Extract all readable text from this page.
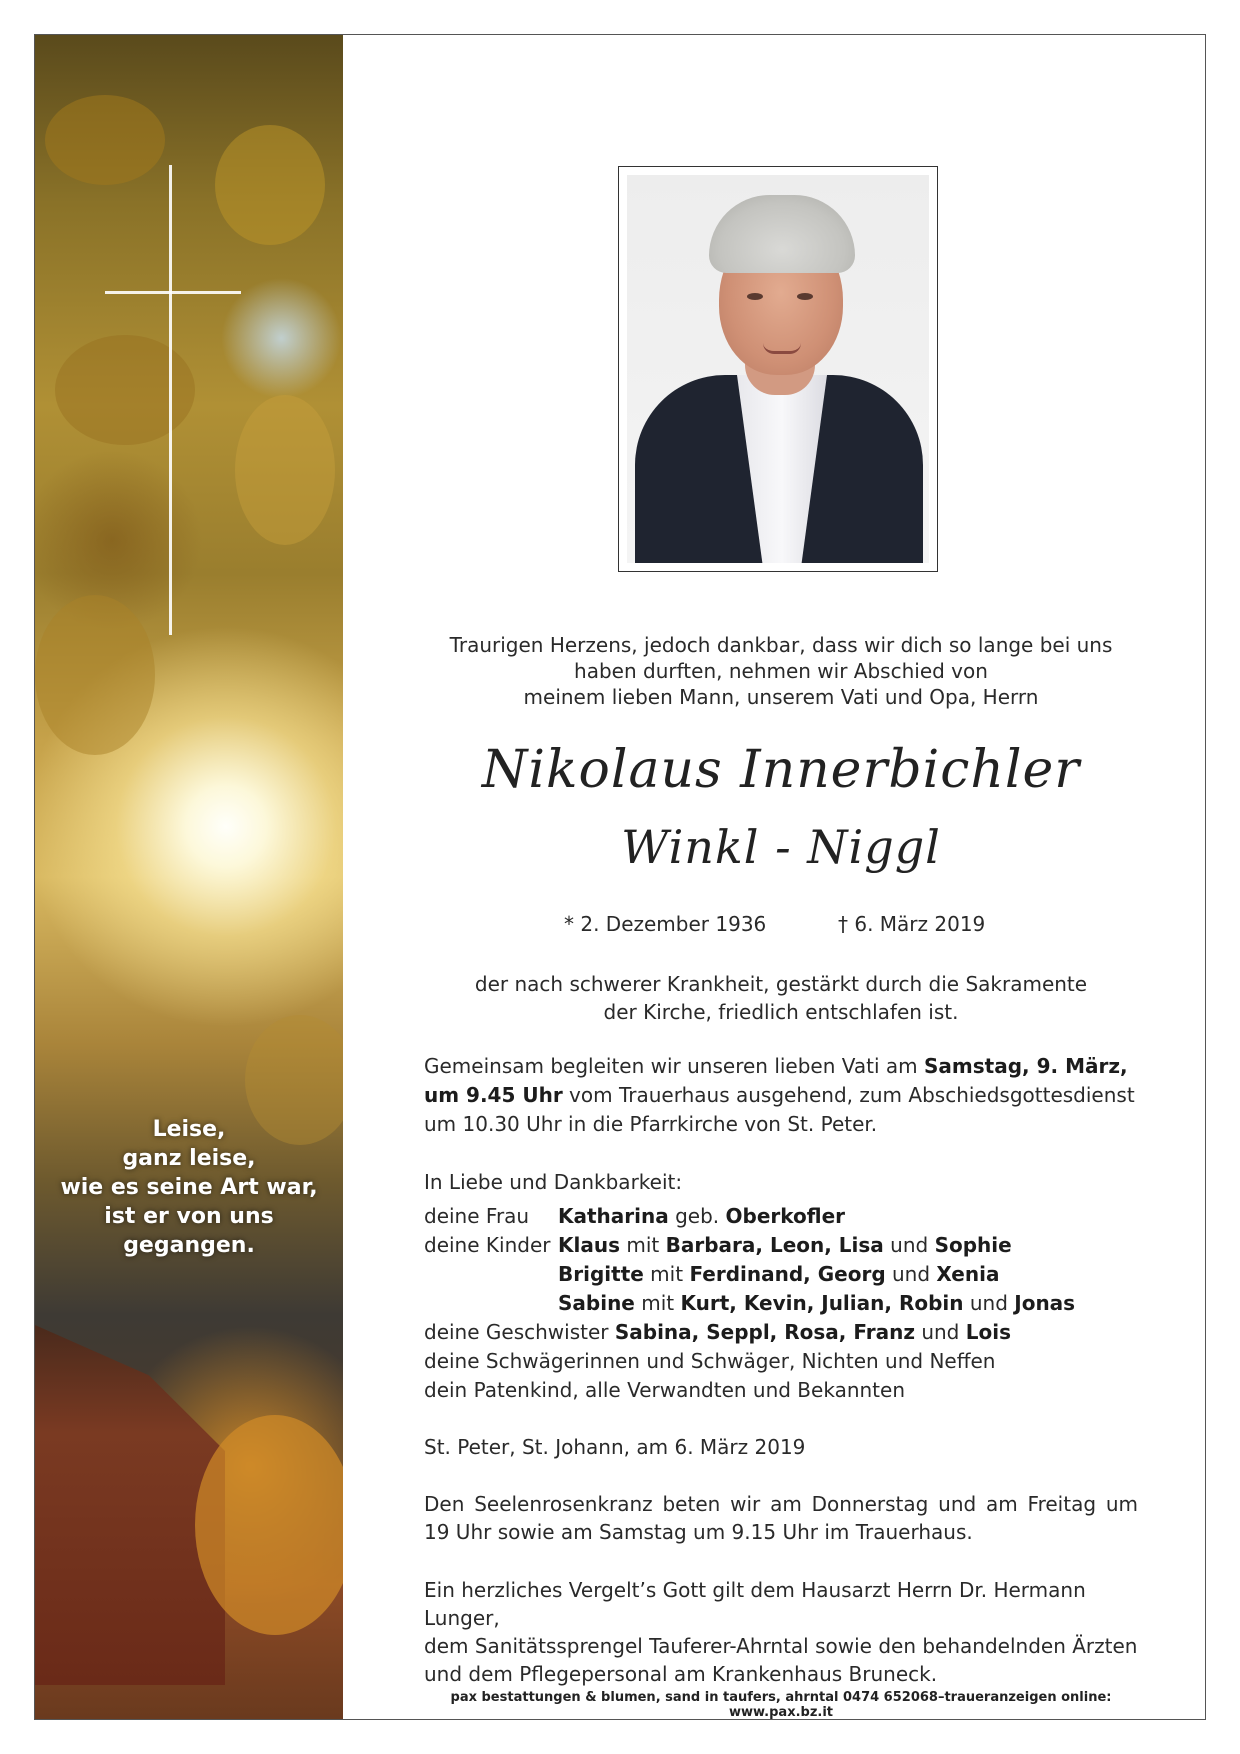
Leise,
ganz leise,
wie es seine Art war,
ist er von uns
gegangen.
Traurigen Herzens, jedoch dankbar, dass wir dich so lange bei uns
haben durften, nehmen wir Abschied von
meinem lieben Mann, unserem Vati und Opa, Herrn
Nikolaus Innerbichler
Winkl - Niggl
* 2. Dezember 1936	† 6. März 2019
der nach schwerer Krankheit, gestärkt durch die Sakramente
der Kirche, friedlich entschlafen ist.
Gemeinsam begleiten wir unseren lieben Vati am Samstag, 9. März,
um 9.45 Uhr vom Trauerhaus ausgehend, zum Abschiedsgottesdienst
um 10.30 Uhr in die Pfarrkirche von St. Peter.
In Liebe und Dankbarkeit:
deine Frau Katharina geb. Oberkofler
deine Kinder Klaus mit Barbara, Leon, Lisa und Sophie
Brigitte mit Ferdinand, Georg und Xenia
Sabine mit Kurt, Kevin, Julian, Robin und Jonas
deine Geschwister Sabina, Seppl, Rosa, Franz und Lois
deine Schwägerinnen und Schwäger, Nichten und Neffen
dein Patenkind, alle Verwandten und Bekannten
St. Peter, St. Johann, am 6. März 2019
Den Seelenrosenkranz beten wir am Donnerstag und am Freitag um
19 Uhr sowie am Samstag um 9.15 Uhr im Trauerhaus.
Ein herzliches Vergelt’s Gott gilt dem Hausarzt Herrn Dr. Hermann Lunger,
dem Sanitätssprengel Tauferer-Ahrntal sowie den behandelnden Ärzten
und dem Pflegepersonal am Krankenhaus Bruneck.
pax bestattungen & blumen, sand in taufers, ahrntal 0474 652068–traueranzeigen online: www.pax.bz.it
